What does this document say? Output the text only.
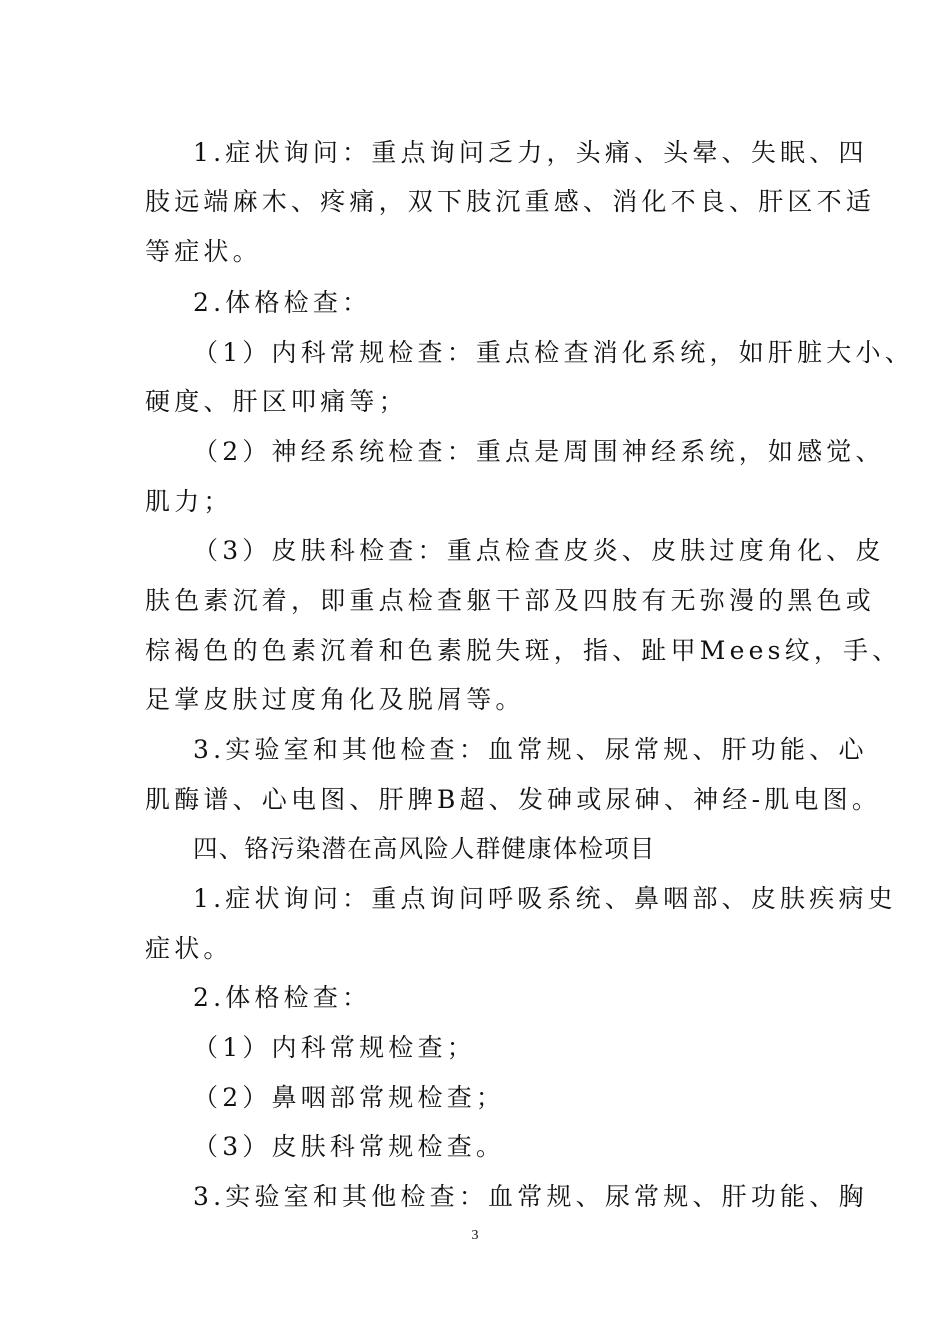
1.症状询问：重点询问乏力，头痛、头晕、失眠、四
肢远端麻木、疼痛，双下肢沉重感、消化不良、肝区不适
等症状。
2.体格检查：
（1）内科常规检查：重点检查消化系统，如肝脏大小、
硬度、肝区叩痛等；
（2）神经系统检查：重点是周围神经系统，如感觉、
肌力；
（3）皮肤科检查：重点检查皮炎、皮肤过度角化、皮
肤色素沉着，即重点检查躯干部及四肢有无弥漫的黑色或
棕褐色的色素沉着和色素脱失斑，指、趾甲Mees纹，手、
足掌皮肤过度角化及脱屑等。
3.实验室和其他检查：血常规、尿常规、肝功能、心
肌酶谱、心电图、肝脾B超、发砷或尿砷、神经-肌电图。
四、铬污染潜在高风险人群健康体检项目
1.症状询问：重点询问呼吸系统、鼻咽部、皮肤疾病史
症状。
2.体格检查：
（1）内科常规检查；
（2）鼻咽部常规检查；
（3）皮肤科常规检查。
3.实验室和其他检查：血常规、尿常规、肝功能、胸
3
